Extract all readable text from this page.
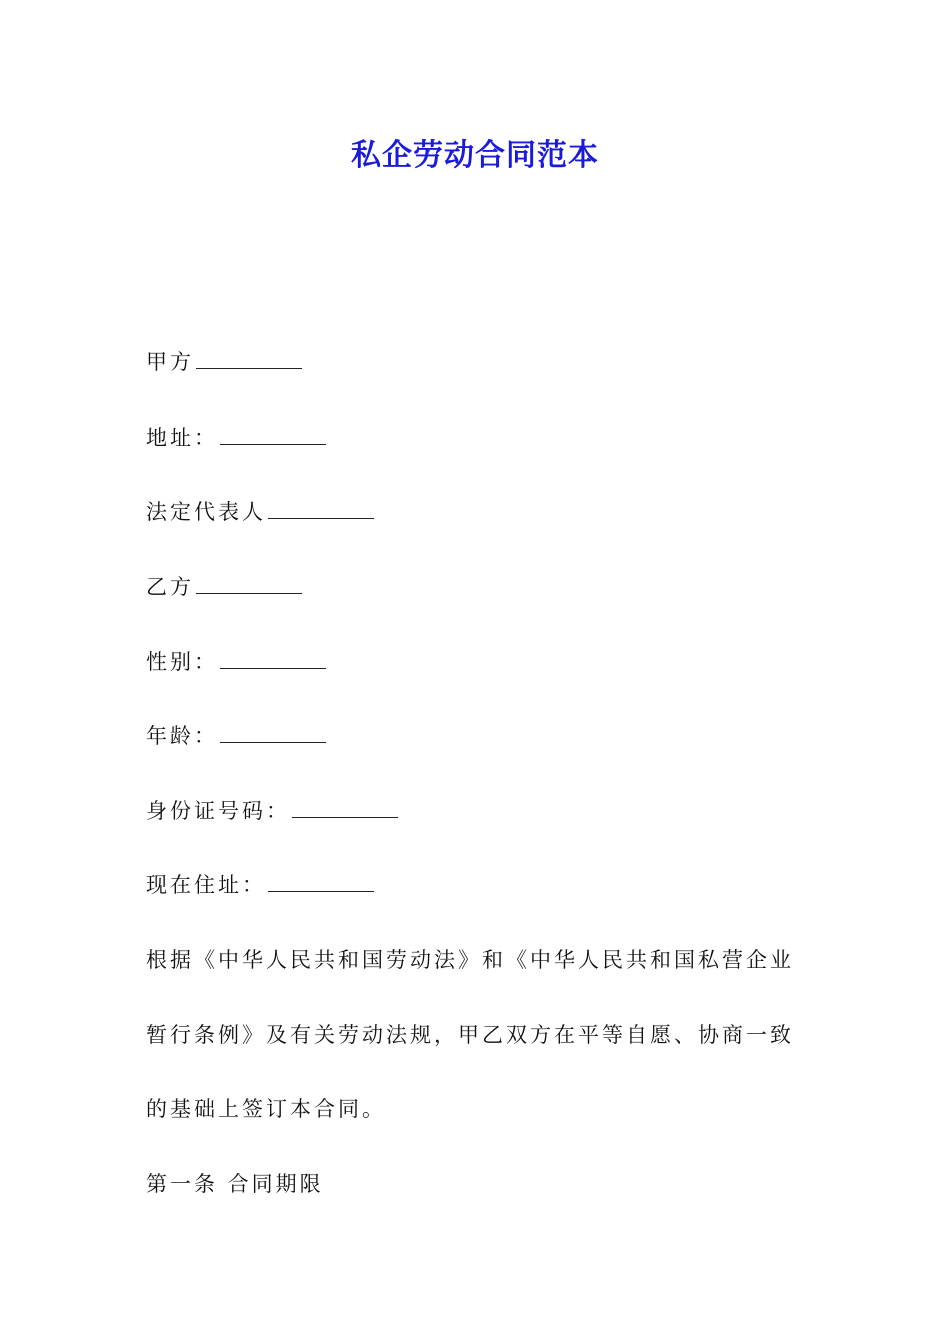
私企劳动合同范本
甲方
地址：
法定代表人
乙方
性别：
年龄：
身份证号码：
现在住址：
根据《中华人民共和国劳动法》和《中华人民共和国私营企业
暂行条例》及有关劳动法规，甲乙双方在平等自愿、协商一致
的基础上签订本合同。
第一条 合同期限
